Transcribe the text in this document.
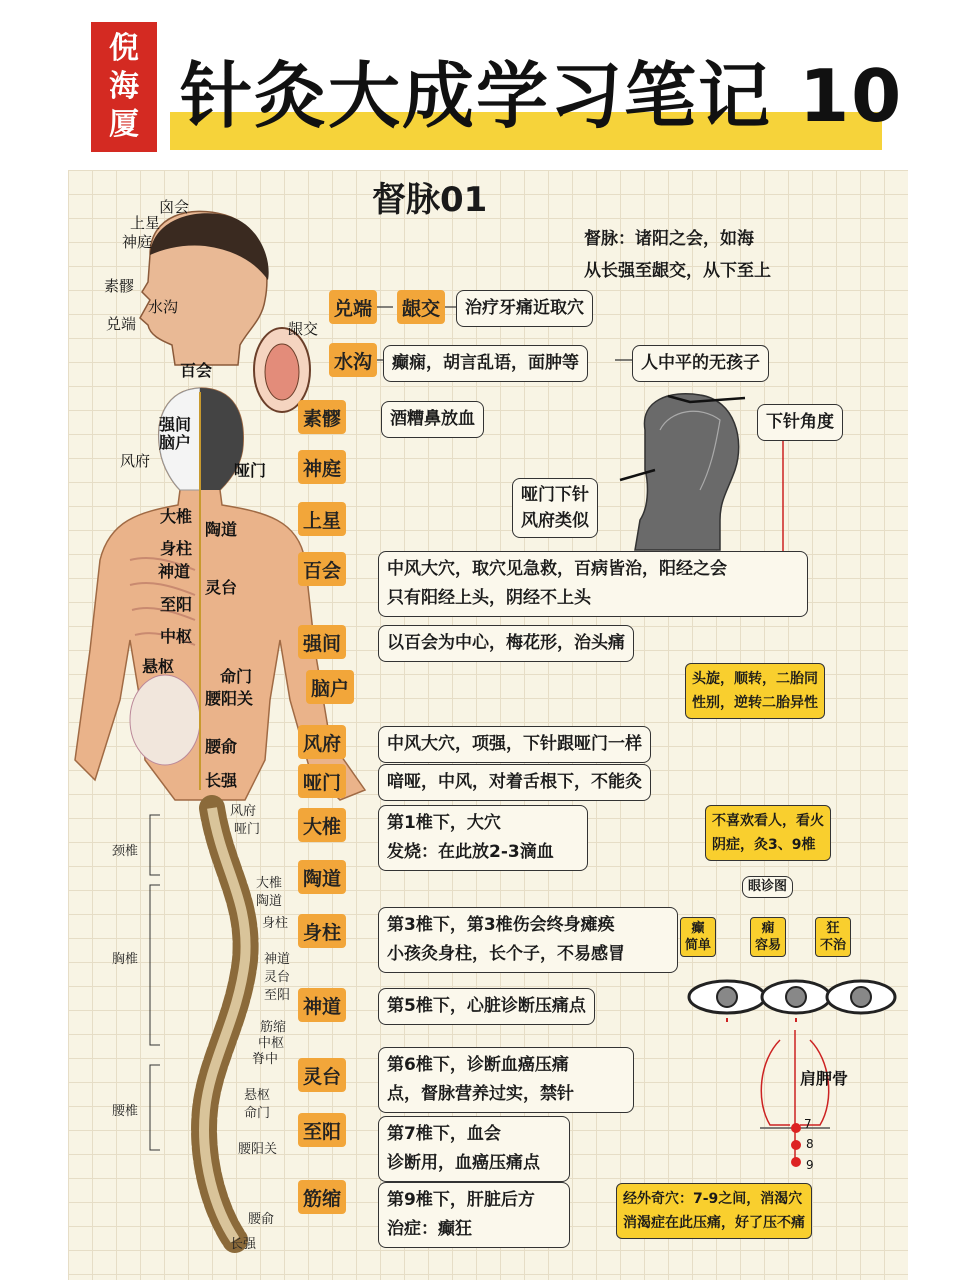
倪
海
厦 针灸大成学习笔记 10
督脉01
督脉：诸阳之会，如海
从长强至龈交，从下至上
囟会
上星
神庭
素髎
水沟
兑端	龈交
百会
强间
脑户
风府	哑门
大椎
陶道
身柱
神道
灵台
至阳
中枢
悬枢
命门
腰阳关
腰俞
长强
颈椎
胸椎
腰椎
风府
哑门
大椎
陶道
身柱
神道
灵台
至阳
筋缩
中枢
脊中
悬枢
命门
腰阳关
腰俞
长强
兑端 龈交
水沟
素髎
神庭
上星
百会
强间
脑户
风府
哑门
大椎
陶道
身柱
神道
灵台
至阳
筋缩
治疗牙痛近取穴
癫痫，胡言乱语，面肿等	人中平的无孩子
酒糟鼻放血
中风大穴，取穴见急救，百病皆治，阳经之会
只有阳经上头，阴经不上头
以百会为中心，梅花形，治头痛
中风大穴，项强，下针跟哑门一样
喑哑，中风，对着舌根下，不能灸
第1椎下，大穴
发烧：在此放2-3滴血
第3椎下，第3椎伤会终身瘫痪
小孩灸身柱，长个子，不易感冒
第5椎下，心脏诊断压痛点
第6椎下，诊断血癌压痛
点，督脉营养过实，禁针
第7椎下，血会
诊断用，血癌压痛点
第9椎下，肝脏后方
治症：癫狂
下针角度
哑门下针
风府类似
头旋，顺转，二胎同
性别，逆转二胎异性
不喜欢看人，看火
阴症，灸3、9椎
眼诊图
癫
简单
痫
容易
狂
不治
肩胛骨
7
8
9
经外奇穴：7-9之间，消渴穴
消渴症在此压痛，好了压不痛
